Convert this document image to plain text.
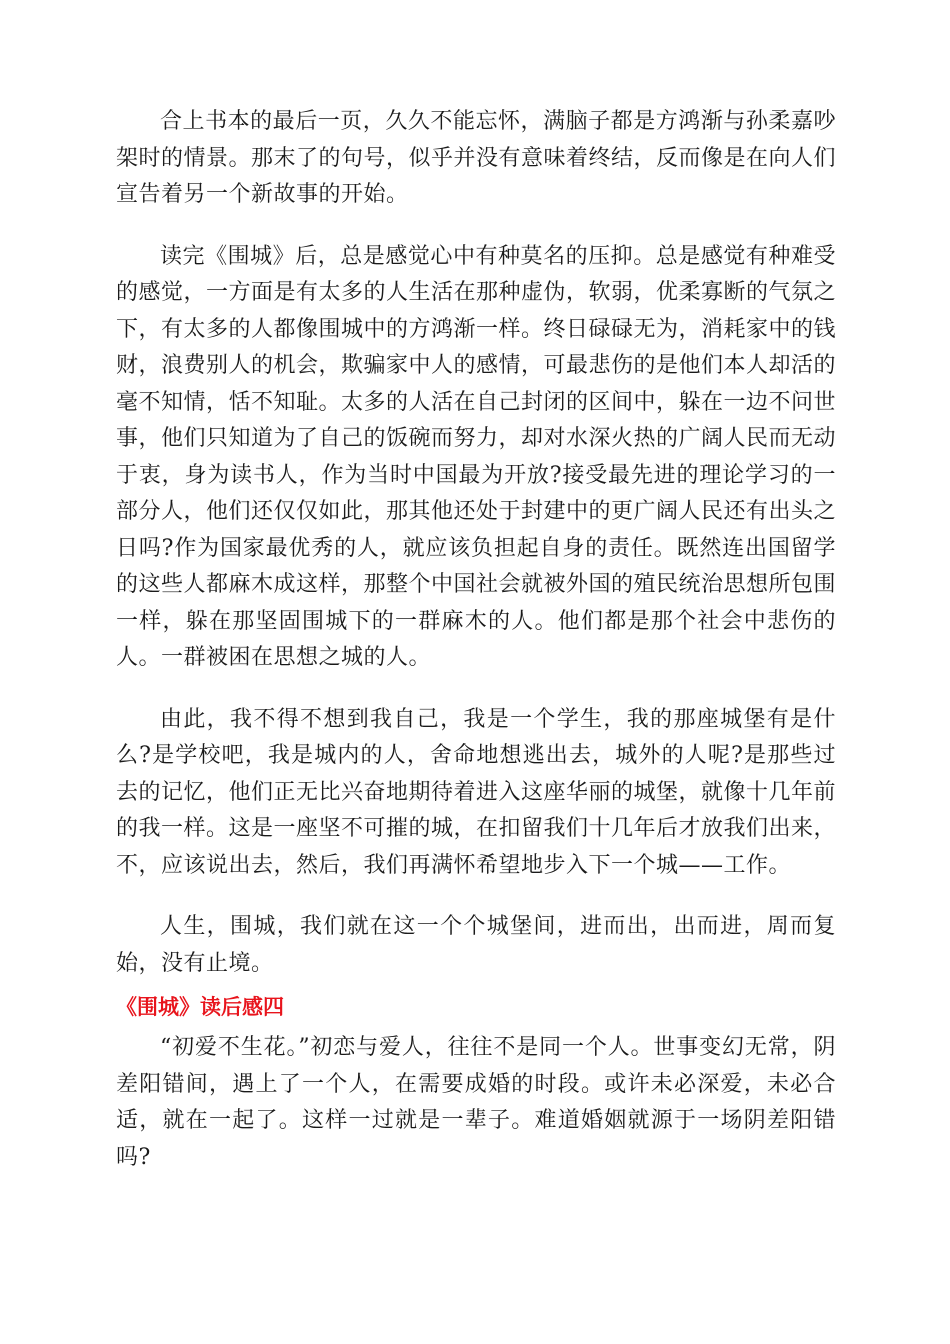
合上书本的最后一页，久久不能忘怀，满脑子都是方鸿渐与孙柔嘉吵架时的情景。那末了的句号，似乎并没有意味着终结，反而像是在向人们宣告着另一个新故事的开始。

读完《围城》后，总是感觉心中有种莫名的压抑。总是感觉有种难受的感觉，一方面是有太多的人生活在那种虚伪，软弱，优柔寡断的气氛之下，有太多的人都像围城中的方鸿渐一样。终日碌碌无为，消耗家中的钱财，浪费别人的机会，欺骗家中人的感情，可最悲伤的是他们本人却活的毫不知情，恬不知耻。太多的人活在自己封闭的区间中，躲在一边不问世事，他们只知道为了自己的饭碗而努力，却对水深火热的广阔人民而无动于衷，身为读书人，作为当时中国最为开放?接受最先进的理论学习的一部分人，他们还仅仅如此，那其他还处于封建中的更广阔人民还有出头之日吗?作为国家最优秀的人，就应该负担起自身的责任。既然连出国留学的这些人都麻木成这样，那整个中国社会就被外国的殖民统治思想所包围一样，躲在那坚固围城下的一群麻木的人。他们都是那个社会中悲伤的人。一群被困在思想之城的人。

由此，我不得不想到我自己，我是一个学生，我的那座城堡有是什么?是学校吧，我是城内的人，舍命地想逃出去，城外的人呢?是那些过去的记忆，他们正无比兴奋地期待着进入这座华丽的城堡，就像十几年前的我一样。这是一座坚不可摧的城，在扣留我们十几年后才放我们出来，不，应该说出去，然后，我们再满怀希望地步入下一个城——工作。

人生，围城，我们就在这一个个城堡间，进而出，出而进，周而复始，没有止境。

《围城》读后感四

“初爱不生花。”初恋与爱人，往往不是同一个人。世事变幻无常，阴差阳错间，遇上了一个人，在需要成婚的时段。或许未必深爱，未必合适，就在一起了。这样一过就是一辈子。难道婚姻就源于一场阴差阳错吗?
